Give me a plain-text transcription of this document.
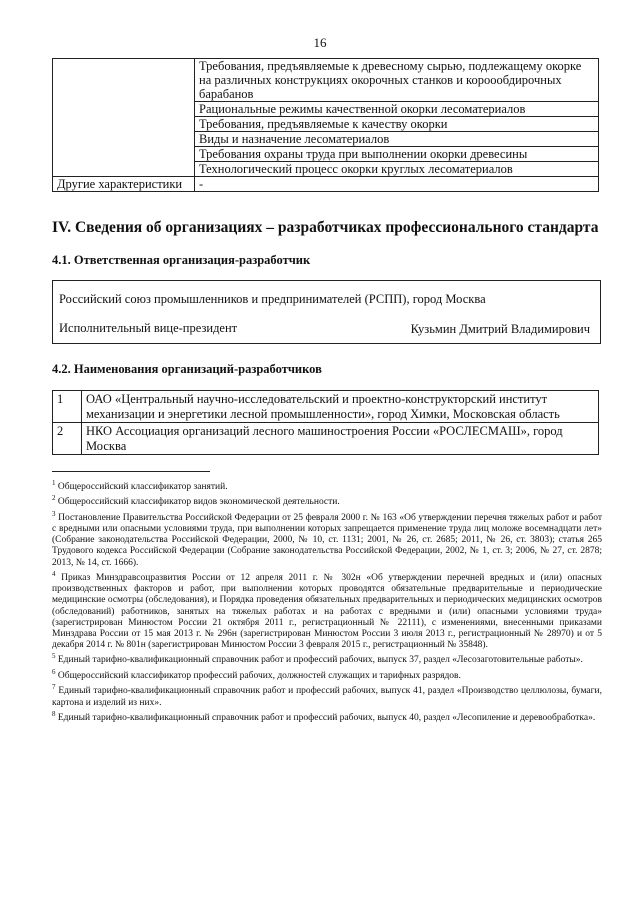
16
	Требования, предъявляемые к древесному сырью, подлежащему окорке на различных конструкциях окорочных станков и короообдирочных барабанов
	Рациональные режимы качественной окорки лесоматериалов
	Требования, предъявляемые к качеству окорки
	Виды и назначение лесоматериалов
	Требования охраны труда при выполнении окорки древесины
	Технологический процесс окорки круглых лесоматериалов
Другие характеристики	-
IV. Сведения об организациях – разработчиках профессионального стандарта
4.1. Ответственная организация-разработчик
Российский союз промышленников и предпринимателей (РСПП), город Москва
Исполнительный вице-президент	Кузьмин Дмитрий Владимирович
4.2. Наименования организаций-разработчиков
1	ОАО «Центральный научно-исследовательский и проектно-конструкторский институт механизации и энергетики лесной промышленности», город Химки, Московская область
2	НКО Ассоциация организаций лесного машиностроения России «РОСЛЕСМАШ», город Москва

$^1$ Общероссийский классификатор занятий.

$^2$ Общероссийский классификатор видов экономической деятельности.

$^3$ Постановление Правительства Российской Федерации от 25 февраля 2000 г. № 163 «Об утверждении перечня тяжелых работ и работ с вредными или опасными условиями труда, при выполнении которых запрещается применение труда лиц моложе восемнадцати лет» (Собрание законодательства Российской Федерации, 2000, № 10, ст. 1131; 2001, № 26, ст. 2685; 2011, № 26, ст. 3803); статья 265 Трудового кодекса Российской Федерации (Собрание законодательства Российской Федерации, 2002, № 1, ст. 3; 2006, № 27, ст. 2878; 2013, № 14, ст. 1666).

$^4$ Приказ Минздравсоцразвития России от 12 апреля 2011 г. № 302н «Об утверждении перечней вредных и (или) опасных производственных факторов и работ, при выполнении которых проводятся обязательные предварительные и периодические медицинские осмотры (обследования), и Порядка проведения обязательных предварительных и периодических медицинских осмотров (обследований) работников, занятых на тяжелых работах и на работах с вредными и (или) опасными условиями труда» (зарегистрирован Минюстом России 21 октября 2011 г., регистрационный № 22111), с изменениями, внесенными приказами Минздрава России от 15 мая 2013 г. № 296н (зарегистрирован Минюстом России 3 июля 2013 г., регистрационный № 28970) и от 5 декабря 2014 г. № 801н (зарегистрирован Минюстом России 3 февраля 2015 г., регистрационный № 35848).

$^5$ Единый тарифно-квалификационный справочник работ и профессий рабочих, выпуск 37, раздел «Лесозаготовительные работы».

$^6$ Общероссийский классификатор профессий рабочих, должностей служащих и тарифных разрядов.

$^7$ Единый тарифно-квалификационный справочник работ и профессий рабочих, выпуск 41, раздел «Производство целлюлозы, бумаги, картона и изделий из них».

$^8$ Единый тарифно-квалификационный справочник работ и профессий рабочих, выпуск 40, раздел «Лесопиление и деревообработка».
